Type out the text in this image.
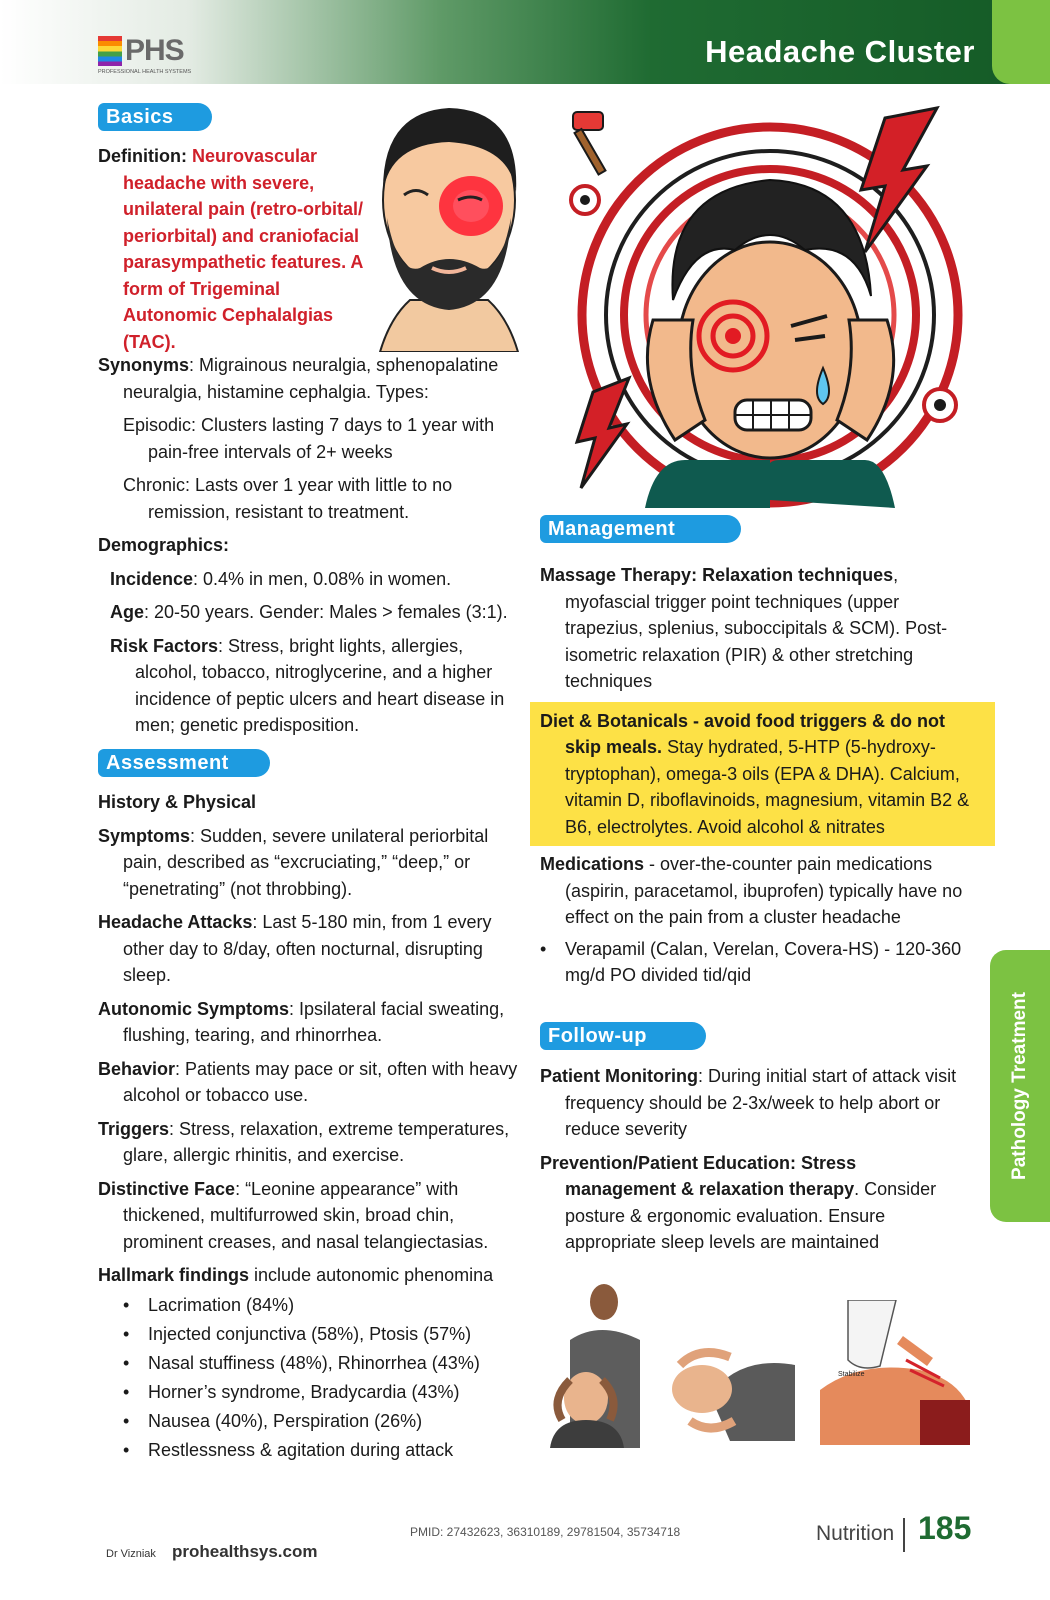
PHS
PROFESSIONAL HEALTH SYSTEMS
Headache Cluster
Pathology Treatment
Basics

Definition: Neurovascular headache with severe, unilateral pain (retro-orbital/ periorbital) and craniofacial parasympathetic features. A form of Trigeminal Autonomic Cephalalgias (TAC).

Synonyms: Migrainous neuralgia, sphenopalatine neuralgia, histamine cephalgia. Types:

Episodic: Clusters lasting 7 days to 1 year with pain-free intervals of 2+ weeks

Chronic: Lasts over 1 year with little to no remission, resistant to treatment.

Demographics:

Incidence: 0.4% in men, 0.08% in women.

Age: 20-50 years. Gender: Males > females (3:1).

Risk Factors: Stress, bright lights, allergies, alcohol, tobacco, nitroglycerine, and a higher incidence of peptic ulcers and heart disease in men; genetic predisposition.

Assessment

History & Physical

Symptoms: Sudden, severe unilateral periorbital pain, described as “excruciating,” “deep,” or “penetrating” (not throbbing).

Headache Attacks: Last 5-180 min, from 1 every other day to 8/day, often nocturnal, disrupting sleep.

Autonomic Symptoms: Ipsilateral facial sweating, flushing, tearing, and rhinorrhea.

Behavior: Patients may pace or sit, often with heavy alcohol or tobacco use.

Triggers: Stress, relaxation, extreme temperatures, glare, allergic rhinitis, and exercise.

Distinctive Face: “Leonine appearance” with thickened, multifurrowed skin, broad chin, prominent creases, and nasal telangiectasias.

Hallmark findings include autonomic phenomina

• Lacrimation (84%)
• Injected conjunctiva (58%), Ptosis (57%)
• Nasal stuffiness (48%), Rhinorrhea (43%)
• Horner’s syndrome, Bradycardia (43%)
• Nausea (40%), Perspiration (26%)
• Restlessness & agitation during attack
Management

Massage Therapy: Relaxation techniques, myofascial trigger point techniques (upper trapezius, splenius, suboccipitals & SCM). Post-isometric relaxation (PIR) & other stretching techniques

Diet & Botanicals - avoid food triggers & do not skip meals. Stay hydrated, 5-HTP (5-hydroxy-tryptophan), omega-3 oils (EPA & DHA). Calcium, vitamin D, riboflavinoids, magnesium, vitamin B2 & B6, electrolytes. Avoid alcohol & nitrates

Medications - over-the-counter pain medications (aspirin, paracetamol, ibuprofen) typically have no effect on the pain from a cluster headache

• Verapamil (Calan, Verelan, Covera-HS) - 120-360 mg/d PO divided tid/qid
Follow-up

Patient Monitoring: During initial start of attack visit frequency should be 2-3x/week to help abort or reduce severity

Prevention/Patient Education: Stress management & relaxation therapy. Consider posture & ergonomic evaluation. Ensure appropriate sleep levels are maintained

Stabilize
PMID: 27432623, 36310189, 29781504, 35734718
Dr Vizniak prohealthsys.com
Nutrition 185
